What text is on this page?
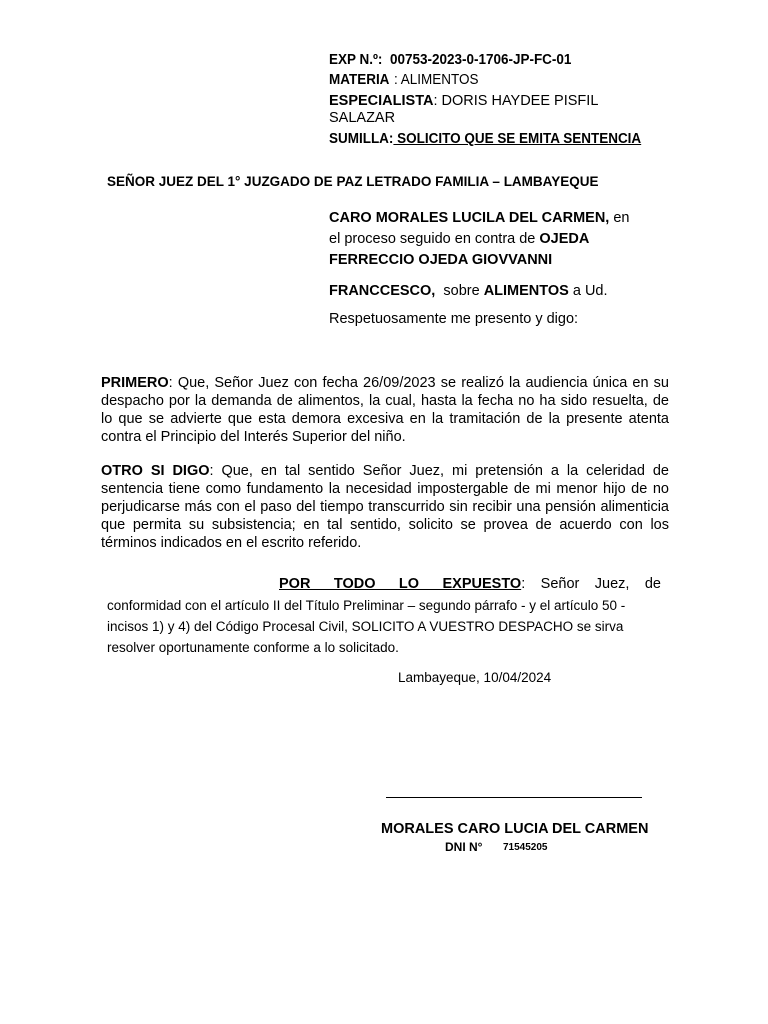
EXP N.º: 00753-2023-0-1706-JP-FC-01
MATERIA : ALIMENTOS
ESPECIALISTA: DORIS HAYDEE PISFIL
SALAZAR
SUMILLA: SOLICITO QUE SE EMITA SENTENCIA
SEÑOR JUEZ DEL 1° JUZGADO DE PAZ LETRADO FAMILIA – LAMBAYEQUE
CARO MORALES LUCILA DEL CARMEN, en
el proceso seguido en contra de OJEDA
FERRECCIO OJEDA GIOVVANNI
FRANCCESCO,  sobre ALIMENTOS a Ud.
Respetuosamente me presento y digo:
PRIMERO: Que, Señor Juez con fecha 26/09/2023 se realizó la audiencia única en su despacho por la demanda de alimentos, la cual, hasta la fecha no ha sido resuelta, de lo que se advierte que esta demora excesiva en la tramitación de la presente atenta contra el Principio del Interés Superior del niño.
OTRO SI DIGO: Que, en tal sentido Señor Juez, mi pretensión a la celeridad de sentencia tiene como fundamento la necesidad impostergable de mi menor hijo de no perjudicarse más con el paso del tiempo transcurrido sin recibir una pensión alimenticia que permita su subsistencia; en tal sentido, solicito se provea de acuerdo con los términos indicados en el escrito referido.
POR TODO LO EXPUESTO: Señor Juez, de
conformidad con el artículo II del Título Preliminar – segundo párrafo - y el artículo 50 -
incisos 1) y 4) del Código Procesal Civil, SOLICITO A VUESTRO DESPACHO se sirva
resolver oportunamente conforme a lo solicitado.
Lambayeque, 10/04/2024
MORALES CARO LUCIA DEL CARMEN
DNI N° 71545205
